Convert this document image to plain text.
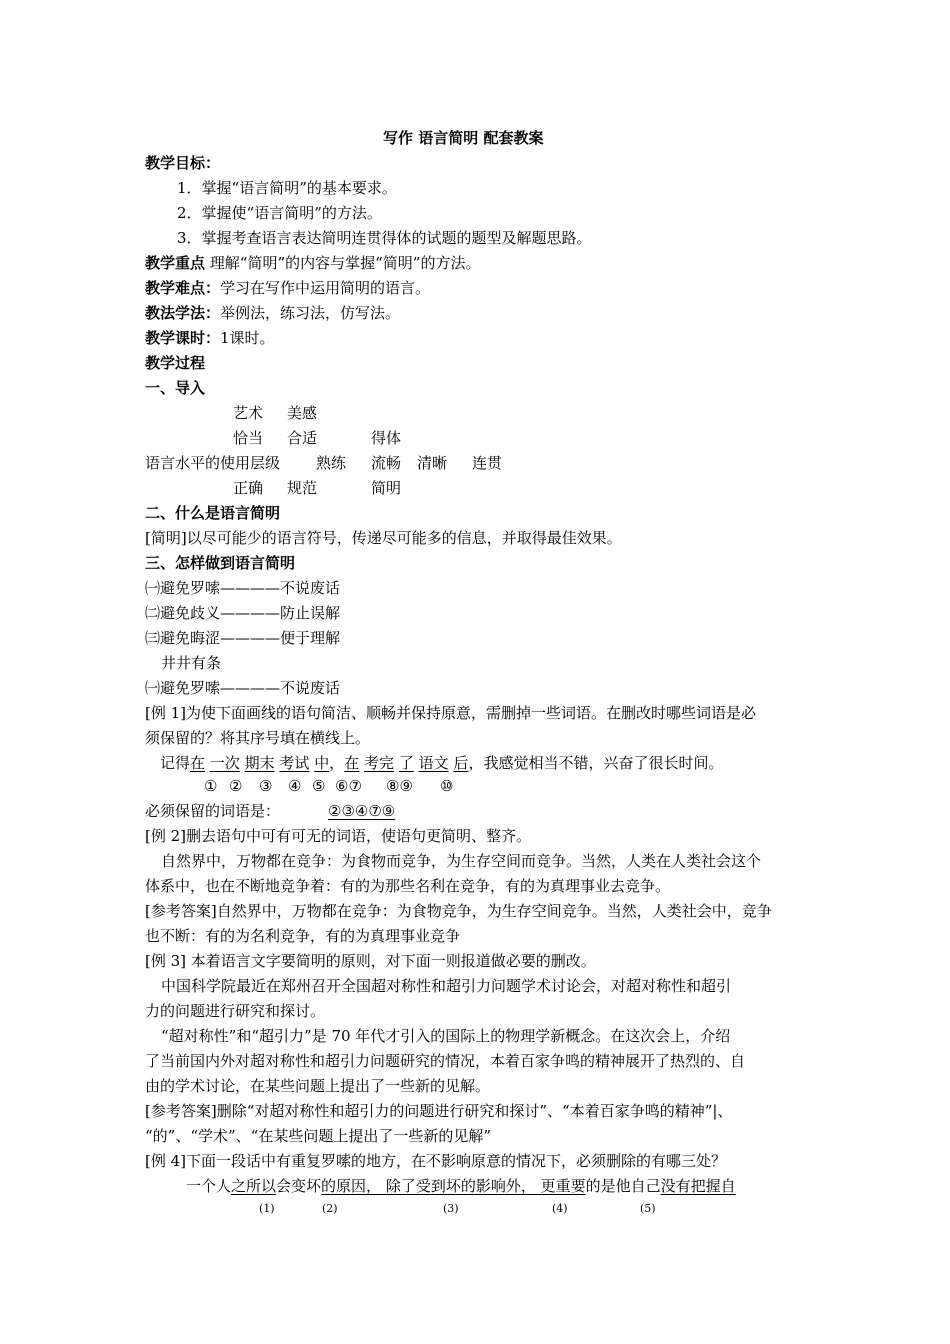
写作 语言简明 配套教案
教学目标：
1．掌握“语言简明”的基本要求。
2．掌握使“语言简明”的方法。
3．掌握考查语言表达简明连贯得体的试题的题型及解题思路。
教学重点 理解“简明”的内容与掌握“简明”的方法。
教学难点：学习在写作中运用简明的语言。
教法学法：举例法，练习法，仿写法。
教学课时：1课时。
教学过程
一、导入
艺术 美感
恰当 合适	得体
语言水平的使用层级 熟练 流畅 清晰 连贯
正确 规范	简明
二、什么是语言简明
[简明]以尽可能少的语言符号，传递尽可能多的信息，并取得最佳效果。
三、怎样做到语言简明
㈠避免罗嗦————不说废话
㈡避免歧义————防止误解
㈢避免晦涩————便于理解
井井有条
㈠避免罗嗦————不说废话
[例 1]为使下面画线的语句简洁、顺畅并保持原意，需删掉一些词语。在删改时哪些词语是必
须保留的？将其序号填在横线上。
记得在 一次 期末 考试 中，在 考完 了 语文 后，我感觉相当不错，兴奋了很长时间。
① ② ③ ④ ⑤ ⑥⑦ ⑧⑨ ⑩
必须保留的词语是：	②③④⑦⑨
[例 2]删去语句中可有可无的词语，使语句更简明、整齐。
自然界中，万物都在竞争：为食物而竞争，为生存空间而竞争。当然，人类在人类社会这个
体系中，也在不断地竞争着：有的为那些名利在竞争，有的为真理事业去竞争。
[参考答案]自然界中，万物都在竞争：为食物竞争，为生存空间竞争。当然，人类社会中，竞争
也不断：有的为名利竞争，有的为真理事业竞争
[例 3] 本着语言文字要简明的原则，对下面一则报道做必要的删改。
中国科学院最近在郑州召开全国超对称性和超引力问题学术讨论会，对超对称性和超引
力的问题进行研究和探讨。
“超对称性”和“超引力”是 70 年代才引入的国际上的物理学新概念。在这次会上，介绍
了当前国内外对超对称性和超引力问题研究的情况，本着百家争鸣的精神展开了热烈的、自
由的学术讨论，在某些问题上提出了一些新的见解。
[参考答案]删除“对超对称性和超引力的问题进行研究和探讨”、“本着百家争鸣的精神”|、
“的”、“学术”、“在某些问题上提出了一些新的见解”
[例 4]下面一段话中有重复罗嗦的地方，在不影响原意的情况下，必须删除的有哪三处？
一个人之所以会变坏的原因， 除了受到坏的影响外， 更重要的是他自己没有把握自
(1)	(2)	(3)	(4)	(5)
